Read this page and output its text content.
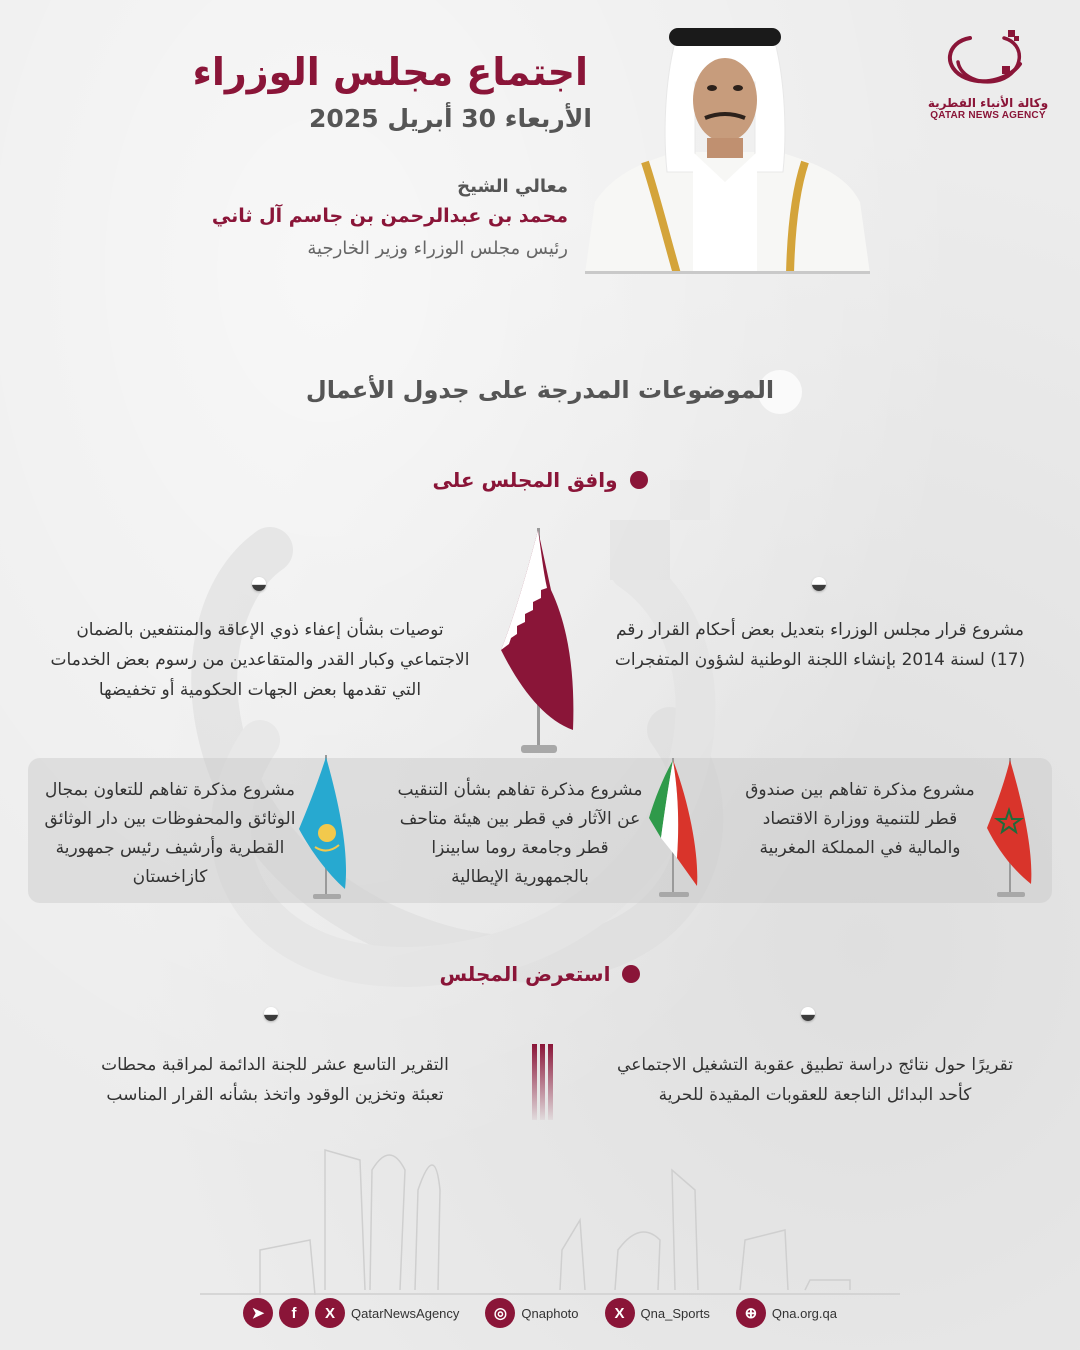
وكالة الأنباء القطرية
QATAR NEWS AGENCY
اجتماع مجلس الوزراء
الأربعاء 30 أبريل 2025
معالي الشيخ
محمد بن عبدالرحمن بن جاسم آل ثاني
رئيس مجلس الوزراء وزير الخارجية
الموضوعات المدرجة على جدول الأعمال
وافق المجلس على
مشروع قرار مجلس الوزراء بتعديل بعض أحكام القرار رقم (17) لسنة 2014 بإنشاء اللجنة الوطنية لشؤون المتفجرات
توصيات بشأن إعفاء ذوي الإعاقة والمنتفعين بالضمان الاجتماعي وكبار القدر والمتقاعدين من رسوم بعض الخدمات التي تقدمها بعض الجهات الحكومية أو تخفيضها
مشروع مذكرة تفاهم بين صندوق قطر للتنمية ووزارة الاقتصاد والمالية في المملكة المغربية
مشروع مذكرة تفاهم بشأن التنقيب عن الآثار في قطر بين هيئة متاحف قطر وجامعة روما سابينزا بالجمهورية الإيطالية
مشروع مذكرة تفاهم للتعاون بمجال الوثائق والمحفوظات بين دار الوثائق القطرية وأرشيف رئيس جمهورية كازاخستان
استعرض المجلس
تقريرًا حول نتائج دراسة تطبيق عقوبة التشغيل الاجتماعي كأحد البدائل الناجعة للعقوبات المقيدة للحرية
التقرير التاسع عشر للجنة الدائمة لمراقبة محطات تعبئة وتخزين الوقود واتخذ بشأنه القرار المناسب
➤	f	X	QatarNewsAgency	◎	Qnaphoto	X	Qna_Sports	⊕	Qna.org.qa
